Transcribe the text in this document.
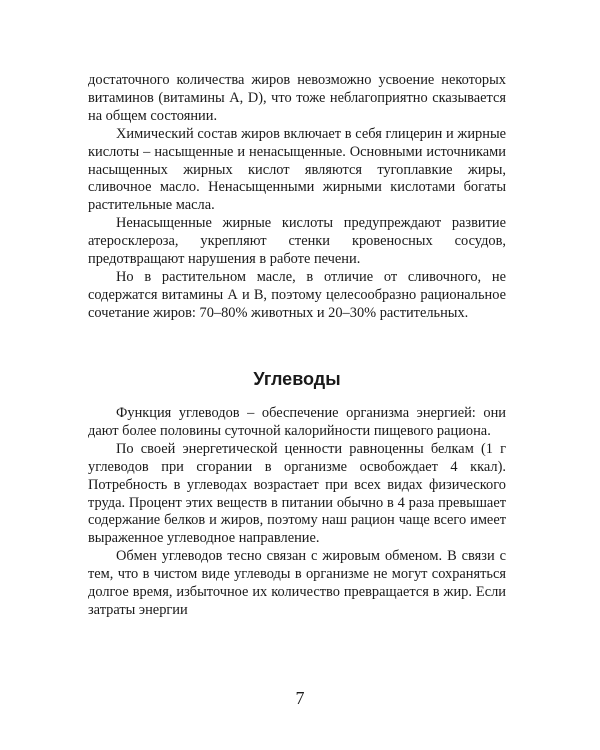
достаточного количества жиров невозможно усвоение некоторых витаминов (витамины A, D), что тоже неблагоприятно сказывается на общем состоянии.

Химический состав жиров включает в себя глицерин и жирные кислоты – насыщенные и ненасыщенные. Основными источниками насыщенных жирных кислот являются тугоплавкие жиры, сливочное масло. Ненасыщенными жирными кислотами богаты растительные масла.

Ненасыщенные жирные кислоты предупреждают развитие атеросклероза, укрепляют стенки кровеносных сосудов, предотвращают нарушения в работе печени.

Но в растительном масле, в отличие от сливочного, не содержатся витамины А и В, поэтому целесообразно рациональное сочетание жиров: 70–80% животных и 20–30% растительных.

Углеводы

Функция углеводов – обеспечение организма энергией: они дают более половины суточной калорийности пищевого рациона.

По своей энергетической ценности равноценны белкам (1 г углеводов при сгорании в организме освобождает 4 ккал). Потребность в углеводах возрастает при всех видах физического труда. Процент этих веществ в питании обычно в 4 раза превышает содержание белков и жиров, поэтому наш рацион чаще всего имеет выраженное углеводное направление.

Обмен углеводов тесно связан с жировым обменом. В связи с тем, что в чистом виде углеводы в организме не могут сохраняться долгое время, избыточное их количество превращается в жир. Если затраты энергии

7
